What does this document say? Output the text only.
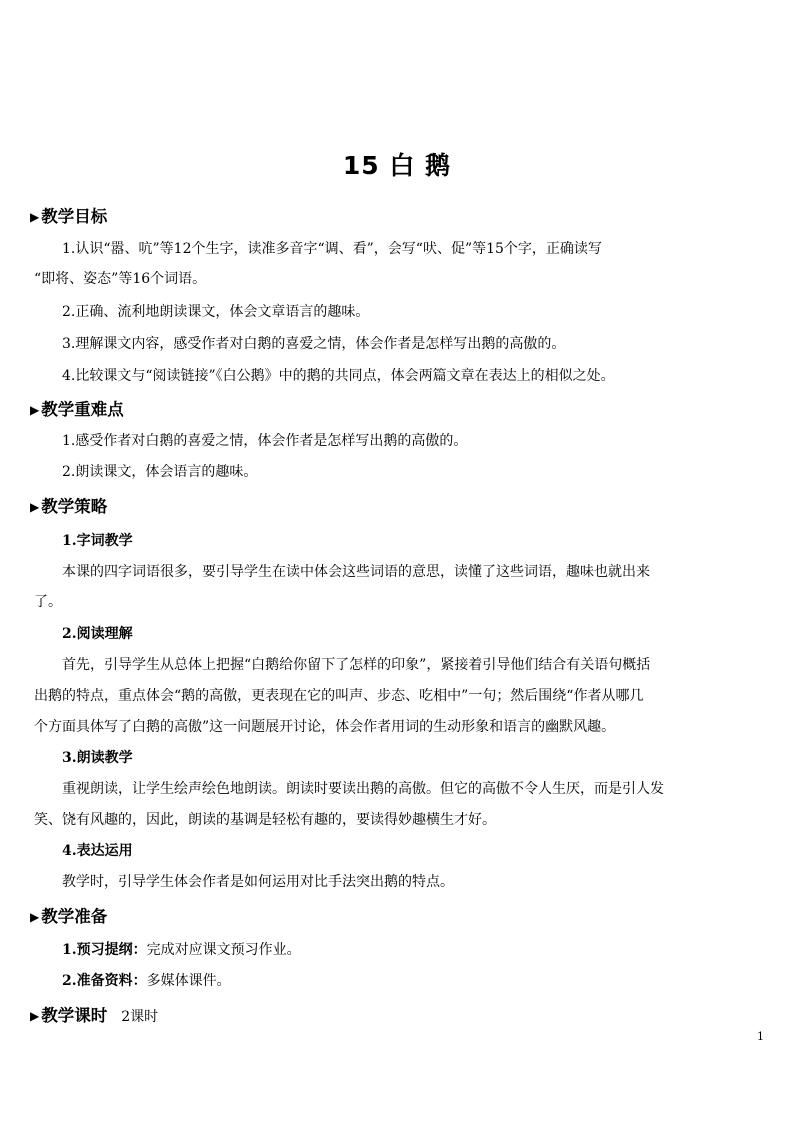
15 白 鹅
▶ 教学目标
1.认识“嚣、吭”等12个生字，读准多音字“调、看”，会写“吠、促”等15个字，正确读写
“即将、姿态”等16个词语。
2.正确、流利地朗读课文，体会文章语言的趣味。
3.理解课文内容，感受作者对白鹅的喜爱之情，体会作者是怎样写出鹅的高傲的。
4.比较课文与“阅读链接”《白公鹅》中的鹅的共同点，体会两篇文章在表达上的相似之处。
▶ 教学重难点
1.感受作者对白鹅的喜爱之情，体会作者是怎样写出鹅的高傲的。
2.朗读课文，体会语言的趣味。
▶ 教学策略
1.字词教学
本课的四字词语很多，要引导学生在读中体会这些词语的意思，读懂了这些词语，趣味也就出来
了。
2.阅读理解
首先，引导学生从总体上把握“白鹅给你留下了怎样的印象”，紧接着引导他们结合有关语句概括
出鹅的特点，重点体会“鹅的高傲，更表现在它的叫声、步态、吃相中”一句；然后围绕“作者从哪几
个方面具体写了白鹅的高傲”这一问题展开讨论，体会作者用词的生动形象和语言的幽默风趣。
3.朗读教学
重视朗读，让学生绘声绘色地朗读。朗读时要读出鹅的高傲。但它的高傲不令人生厌，而是引人发
笑、饶有风趣的，因此，朗读的基调是轻松有趣的，要读得妙趣横生才好。
4.表达运用
教学时，引导学生体会作者是如何运用对比手法突出鹅的特点。
▶ 教学准备
1.预习提纲：完成对应课文预习作业。
2.准备资料：多媒体课件。
▶ 教学课时 2课时
1
